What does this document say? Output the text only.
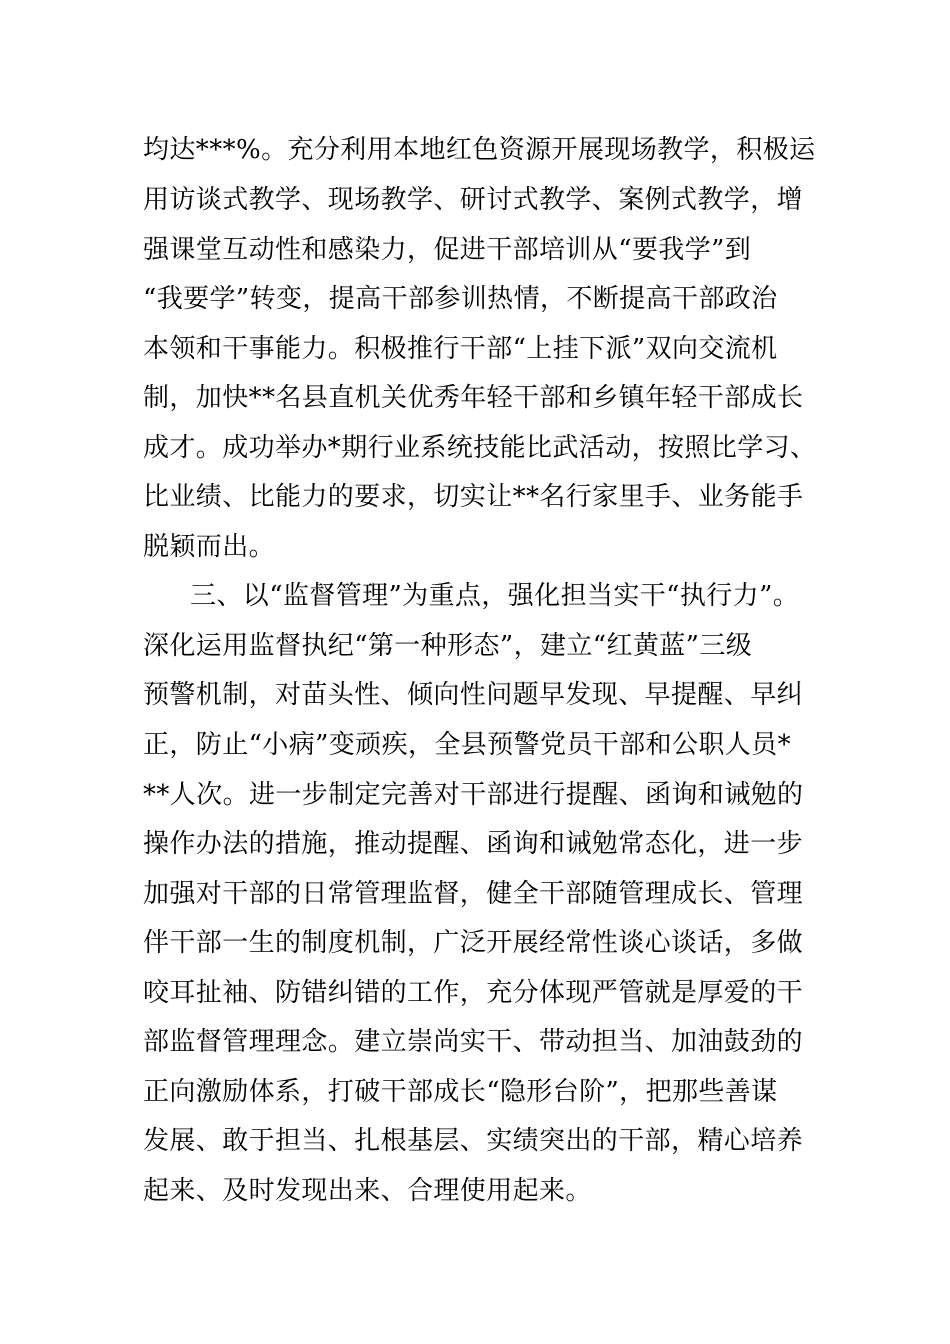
均达***%。充分利用本地红色资源开展现场教学，积极运
用访谈式教学、现场教学、研讨式教学、案例式教学，增
强课堂互动性和感染力，促进干部培训从“要我学”到
“我要学”转变，提高干部参训热情，不断提高干部政治
本领和干事能力。积极推行干部“上挂下派”双向交流机
制，加快**名县直机关优秀年轻干部和乡镇年轻干部成长
成才。成功举办*期行业系统技能比武活动，按照比学习、
比业绩、比能力的要求，切实让**名行家里手、业务能手
脱颖而出。
三、以“监督管理”为重点，强化担当实干“执行力”。
深化运用监督执纪“第一种形态”，建立“红黄蓝”三级
预警机制，对苗头性、倾向性问题早发现、早提醒、早纠
正，防止“小病”变顽疾，全县预警党员干部和公职人员*
**人次。进一步制定完善对干部进行提醒、函询和诫勉的
操作办法的措施，推动提醒、函询和诫勉常态化，进一步
加强对干部的日常管理监督，健全干部随管理成长、管理
伴干部一生的制度机制，广泛开展经常性谈心谈话，多做
咬耳扯袖、防错纠错的工作，充分体现严管就是厚爱的干
部监督管理理念。建立崇尚实干、带动担当、加油鼓劲的
正向激励体系，打破干部成长“隐形台阶”，把那些善谋
发展、敢于担当、扎根基层、实绩突出的干部，精心培养
起来、及时发现出来、合理使用起来。
